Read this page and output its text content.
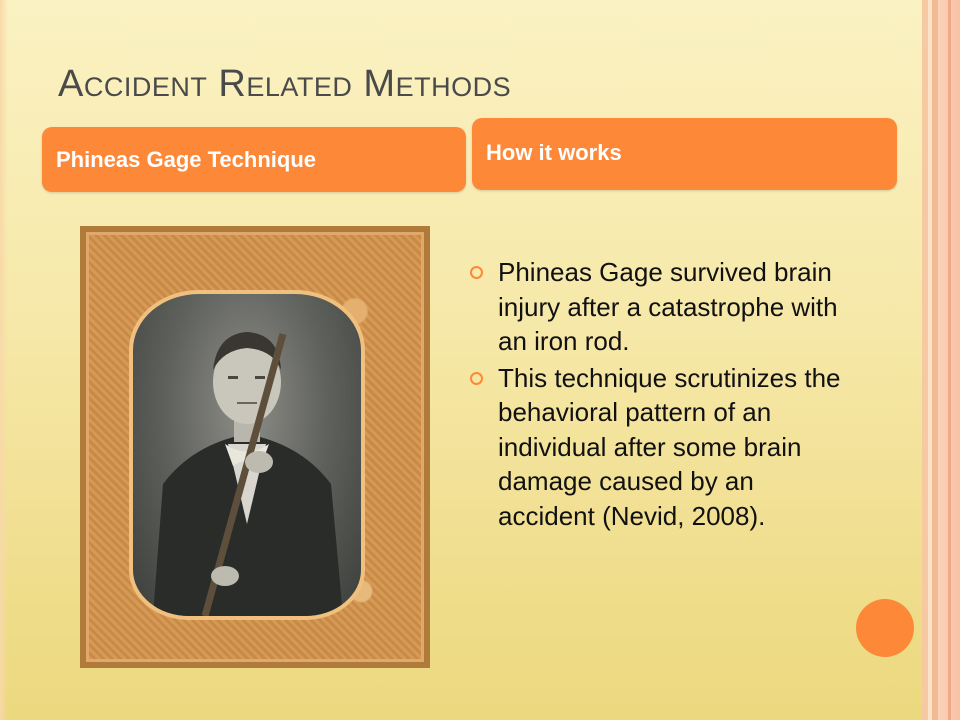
Accident Related Methods
Phineas Gage Technique	How it works
Phineas Gage survived brain injury after a catastrophe with an iron rod.
This technique scrutinizes the behavioral pattern of an individual after some brain damage caused by an accident (Nevid, 2008).
